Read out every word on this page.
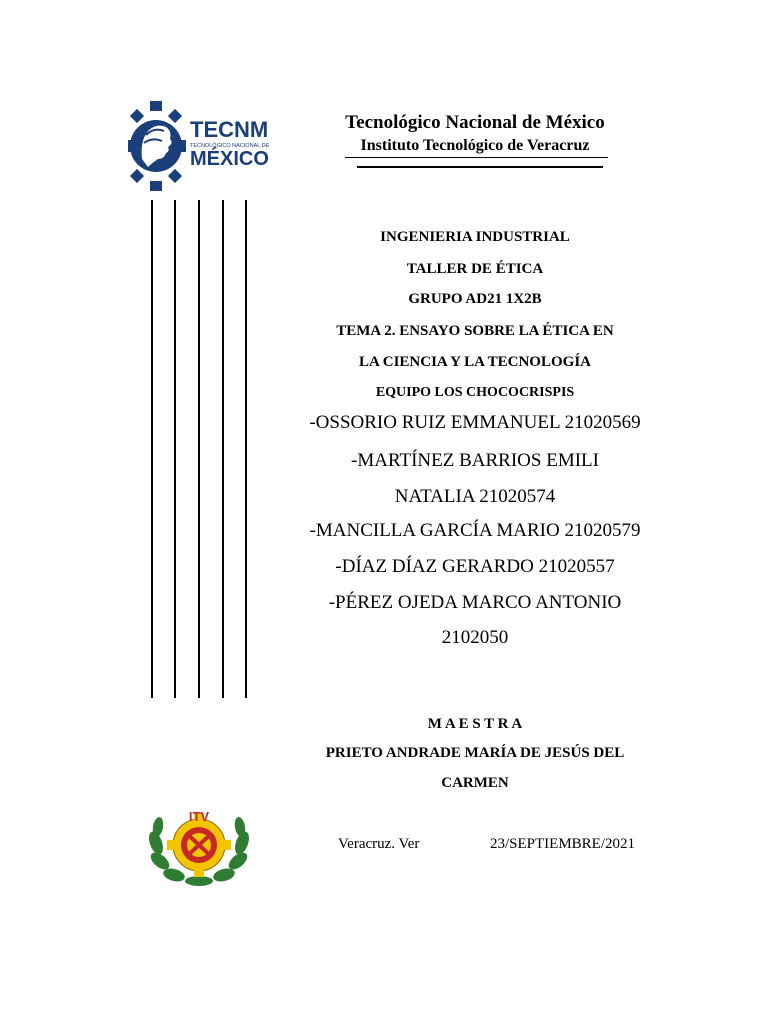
TECNM
TECNOLÓGICO NACIONAL DE
MÉXICO
Tecnológico Nacional de México
Instituto Tecnológico de Veracruz
INGENIERIA INDUSTRIAL
TALLER DE ÉTICA
GRUPO AD21 1X2B
TEMA 2. ENSAYO SOBRE LA ÉTICA EN
LA CIENCIA Y LA TECNOLOGÍA
EQUIPO LOS CHOCOCRISPIS
-OSSORIO RUIZ EMMANUEL 21020569
-MARTÍNEZ BARRIOS EMILI
NATALIA 21020574
-MANCILLA GARCÍA MARIO 21020579
-DÍAZ DÍAZ GERARDO 21020557
-PÉREZ OJEDA MARCO ANTONIO
2102050
M A E S T R A
PRIETO ANDRADE MARÍA DE JESÚS DEL
CARMEN
ITV
Veracruz. Ver	23/SEPTIEMBRE/2021
